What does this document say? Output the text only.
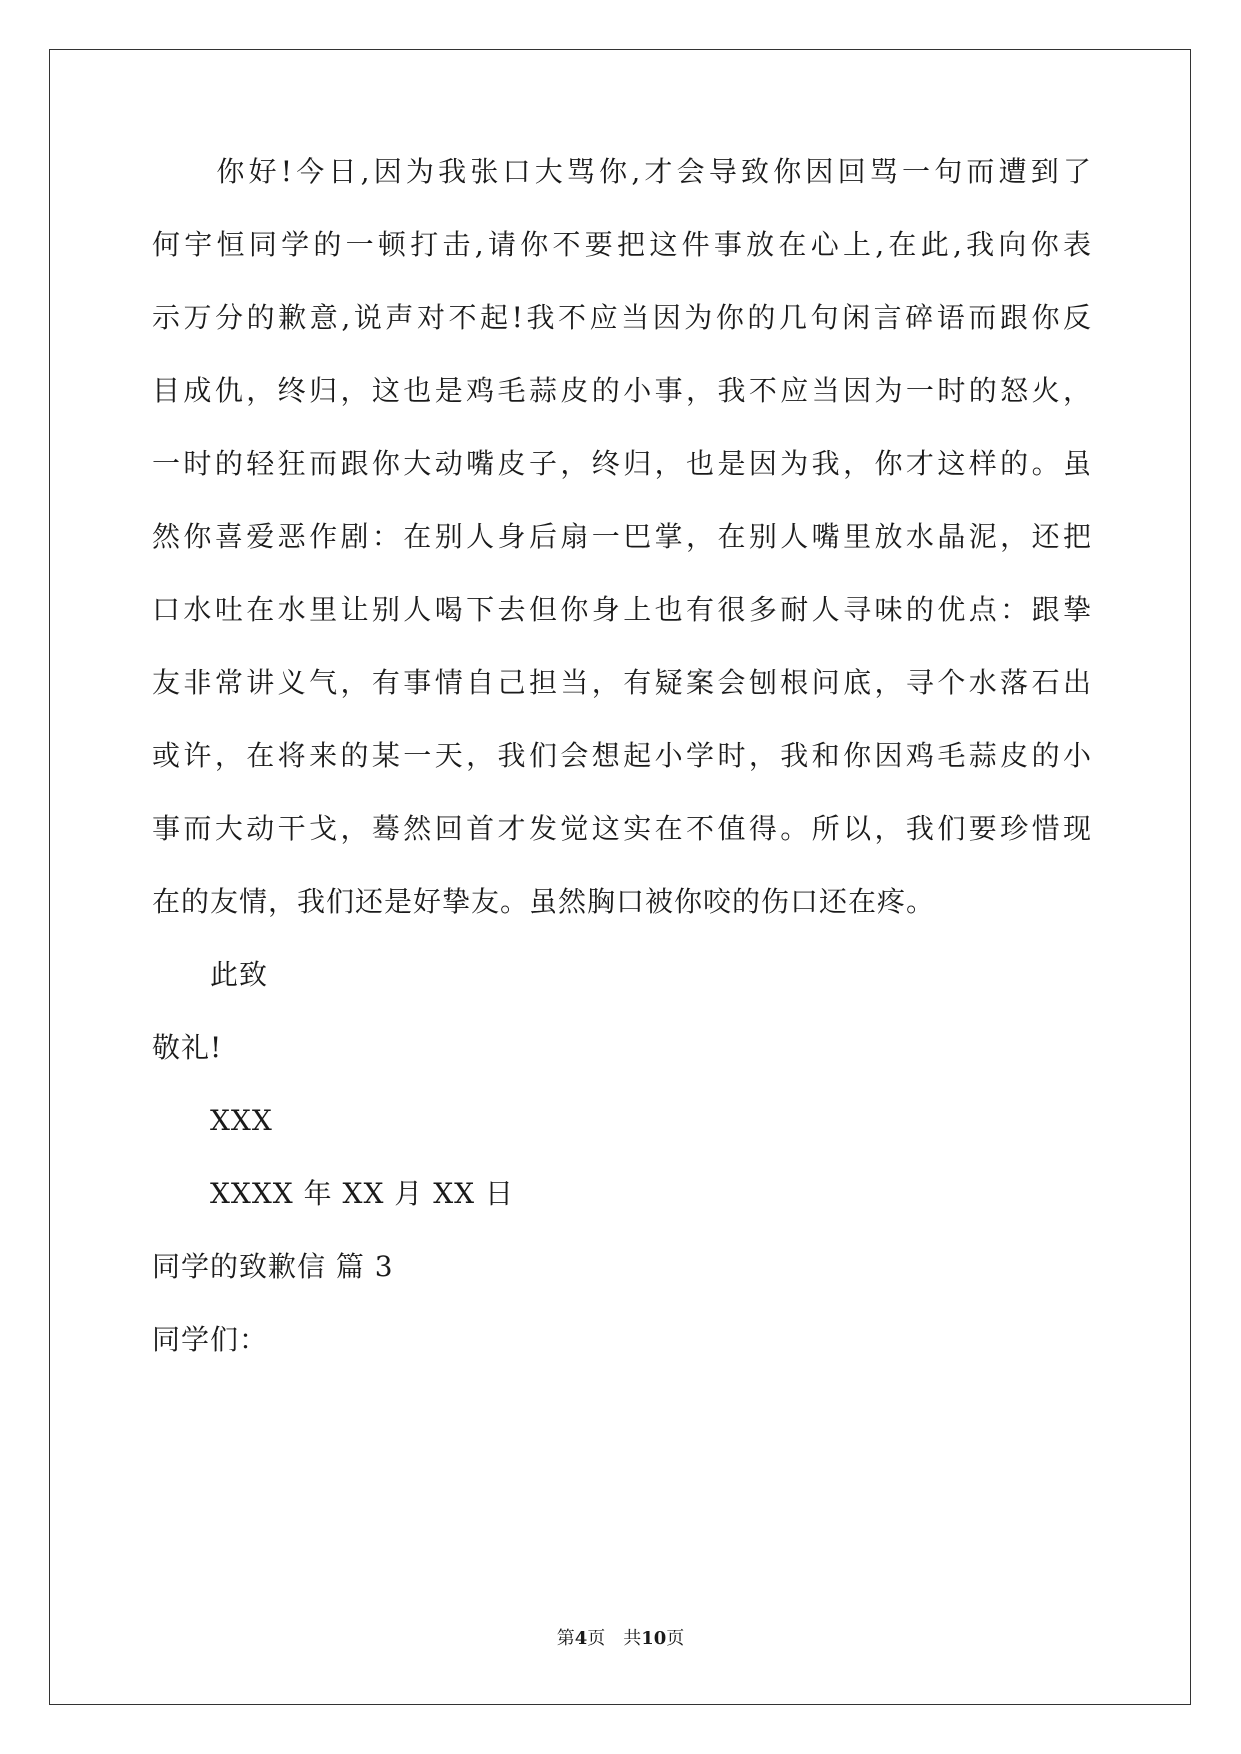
　　你好!今日,因为我张口大骂你,才会导致你因回骂一句而遭到了
何宇恒同学的一顿打击,请你不要把这件事放在心上,在此,我向你表
示万分的歉意,说声对不起!我不应当因为你的几句闲言碎语而跟你反
目成仇，终归，这也是鸡毛蒜皮的小事，我不应当因为一时的怒火，
一时的轻狂而跟你大动嘴皮子，终归，也是因为我，你才这样的。虽
然你喜爱恶作剧：在别人身后扇一巴掌，在别人嘴里放水晶泥，还把
口水吐在水里让别人喝下去但你身上也有很多耐人寻味的优点：跟挚
友非常讲义气，有事情自己担当，有疑案会刨根问底，寻个水落石出
或许，在将来的某一天，我们会想起小学时，我和你因鸡毛蒜皮的小
事而大动干戈，蓦然回首才发觉这实在不值得。所以，我们要珍惜现
在的友情，我们还是好挚友。虽然胸口被你咬的伤口还在疼。
　　此致
敬礼!
　　XXX
　　XXXX 年 XX 月 XX 日
同学的致歉信 篇 3
同学们：
第4页　共10页
